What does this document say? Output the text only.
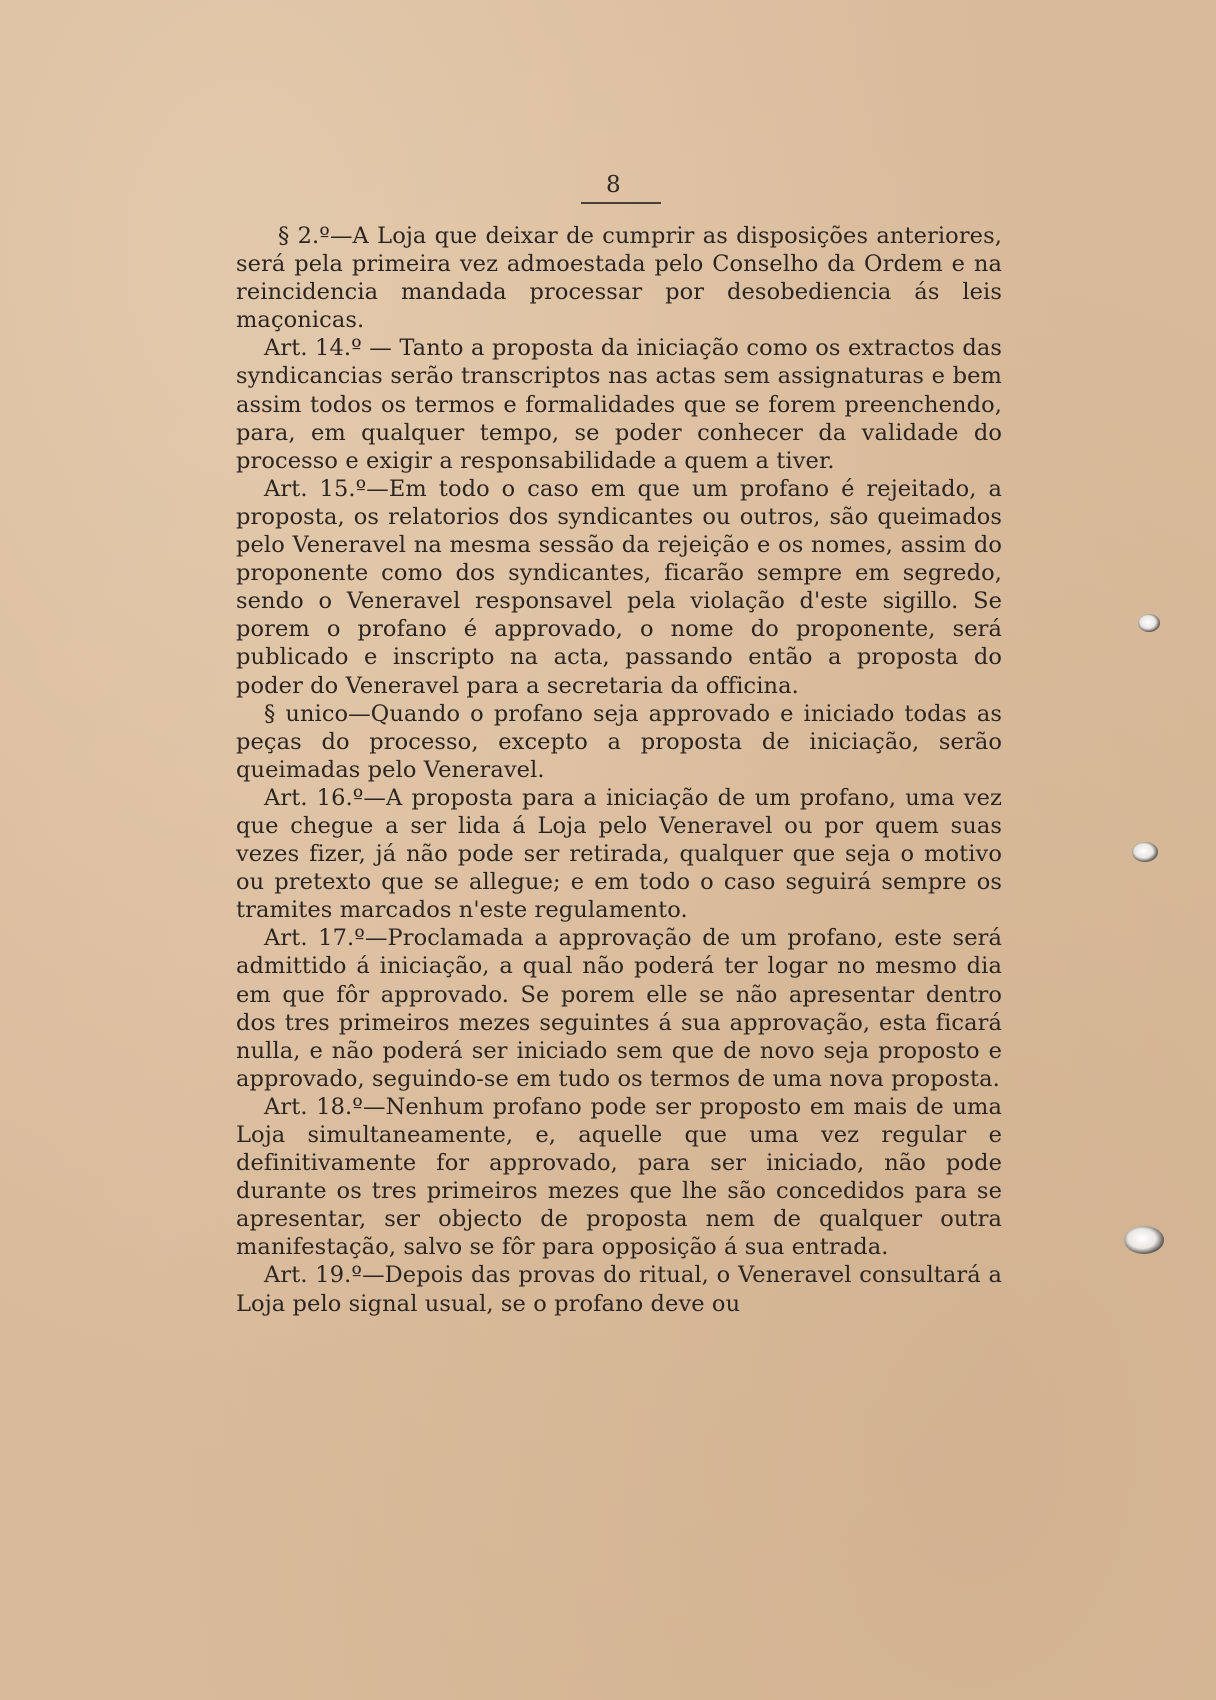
8

§ 2.º—A Loja que deixar de cumprir as disposições anteriores, será pela primeira vez admoestada pelo Conselho da Ordem e na reincidencia mandada processar por desobediencia ás leis maçonicas.

Art. 14.º — Tanto a proposta da iniciação como os extractos das syndicancias serão transcriptos nas actas sem assignaturas e bem assim todos os termos e formalidades que se forem preenchendo, para, em qualquer tempo, se poder conhecer da validade do processo e exigir a responsabilidade a quem a tiver.

Art. 15.º—Em todo o caso em que um profano é rejeitado, a proposta, os relatorios dos syndicantes ou outros, são queimados pelo Veneravel na mesma sessão da rejeição e os nomes, assim do proponente como dos syndicantes, ficarão sempre em segredo, sendo o Veneravel responsavel pela violação d'este sigillo. Se porem o profano é approvado, o nome do proponente, será publicado e inscripto na acta, passando então a proposta do poder do Veneravel para a secretaria da officina.

§ unico—Quando o profano seja approvado e iniciado todas as peças do processo, excepto a proposta de iniciação, serão queimadas pelo Veneravel.

Art. 16.º—A proposta para a iniciação de um profano, uma vez que chegue a ser lida á Loja pelo Veneravel ou por quem suas vezes fizer, já não pode ser retirada, qualquer que seja o motivo ou pretexto que se allegue; e em todo o caso seguirá sempre os tramites marcados n'este regulamento.

Art. 17.º—Proclamada a approvação de um profano, este será admittido á iniciação, a qual não poderá ter logar no mesmo dia em que fôr approvado. Se porem elle se não apresentar dentro dos tres primeiros mezes seguintes á sua approvação, esta ficará nulla, e não poderá ser iniciado sem que de novo seja proposto e approvado, seguindo-se em tudo os termos de uma nova proposta.

Art. 18.º—Nenhum profano pode ser proposto em mais de uma Loja simultaneamente, e, aquelle que uma vez regular e definitivamente for approvado, para ser iniciado, não pode durante os tres primeiros mezes que lhe são concedidos para se apresentar, ser objecto de proposta nem de qualquer outra manifestação, salvo se fôr para opposição á sua entrada.

Art. 19.º—Depois das provas do ritual, o Veneravel consultará a Loja pelo signal usual, se o profano deve ou
